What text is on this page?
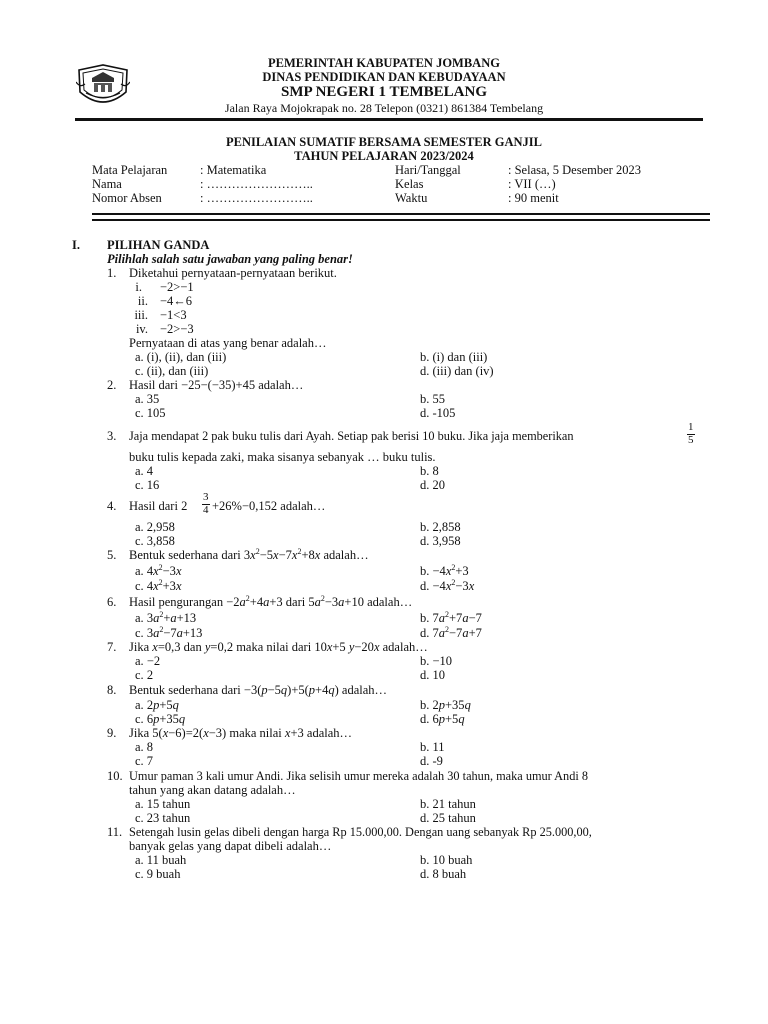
PEMERINTAH KABUPATEN JOMBANG
DINAS PENDIDIKAN DAN KEBUDAYAAN
SMP NEGERI 1 TEMBELANG
Jalan Raya Mojokrapak no. 28 Telepon (0321) 861384 Tembelang
PENILAIAN SUMATIF BERSAMA SEMESTER GANJIL
TAHUN PELAJARAN 2023/2024
Mata Pelajaran	: Matematika
Nama	: ……………………..
Nomor Absen	: ……………………..
Hari/Tanggal	: Selasa, 5 Desember 2023
Kelas	: VII (…)
Waktu	: 90 menit
I. PILIHAN GANDA
Pilihlah salah satu jawaban yang paling benar!
1. Diketahui pernyataan-pernyataan berikut.
i. −2>−1
ii. −4←6
iii. −1<3
iv. −2>−3
Pernyataan di atas yang benar adalah…
a. (i), (ii), dan (iii)	b. (i) dan (iii)
c. (ii), dan (iii)	d. (iii) dan (iv)
2. Hasil dari −25−(−35)+45 adalah…
a. 35	b. 55
c. 105	d. -105
3. Jaja mendapat 2 pak buku tulis dari Ayah. Setiap pak berisi 10 buku. Jika jaja memberikan	$\frac{1}{5}$
buku tulis kepada zaki, maka sisanya sebanyak … buku tulis.
a. 4	b. 8
c. 16	d. 20
4. Hasil dari $2 \frac{3}{4} +26\%-0,152$ adalah…
a. 2,958	b. 2,858
c. 3,858	d. 3,958
5. Bentuk sederhana dari $3x^2-5x-7x^2+8x$ adalah…
a. $4x^2-3x$	b. $-4x^2+3$
c. $4x^2+3x$	d. $-4x^2-3x$
6. Hasil pengurangan $-2a^2+4a+3$ dari $5a^2-3a+10$ adalah…
a. $3a^2+a+13$	b. $7a^2+7a-7$
c. $3a^2-7a+13$	d. $7a^2-7a+7$
7. Jika x=0,3 dan y=0,2 maka nilai dari 10x+5 y−20x adalah…
a. −2	b. −10
c. 2	d. 10
8. Bentuk sederhana dari −3(p−5q)+5(p+4q) adalah…
a. 2p+5q	b. 2p+35q
c. 6p+35q	d. 6p+5q
9. Jika 5(x−6)=2(x−3) maka nilai x+3 adalah…
a. 8	b. 11
c. 7	d. -9
10. Umur paman 3 kali umur Andi. Jika selisih umur mereka adalah 30 tahun, maka umur Andi 8
tahun yang akan datang adalah…
a. 15 tahun	b. 21 tahun
c. 23 tahun	d. 25 tahun
11. Setengah lusin gelas dibeli dengan harga Rp 15.000,00. Dengan uang sebanyak Rp 25.000,00,
banyak gelas yang dapat dibeli adalah…
a. 11 buah	b. 10 buah
c. 9 buah	d. 8 buah
